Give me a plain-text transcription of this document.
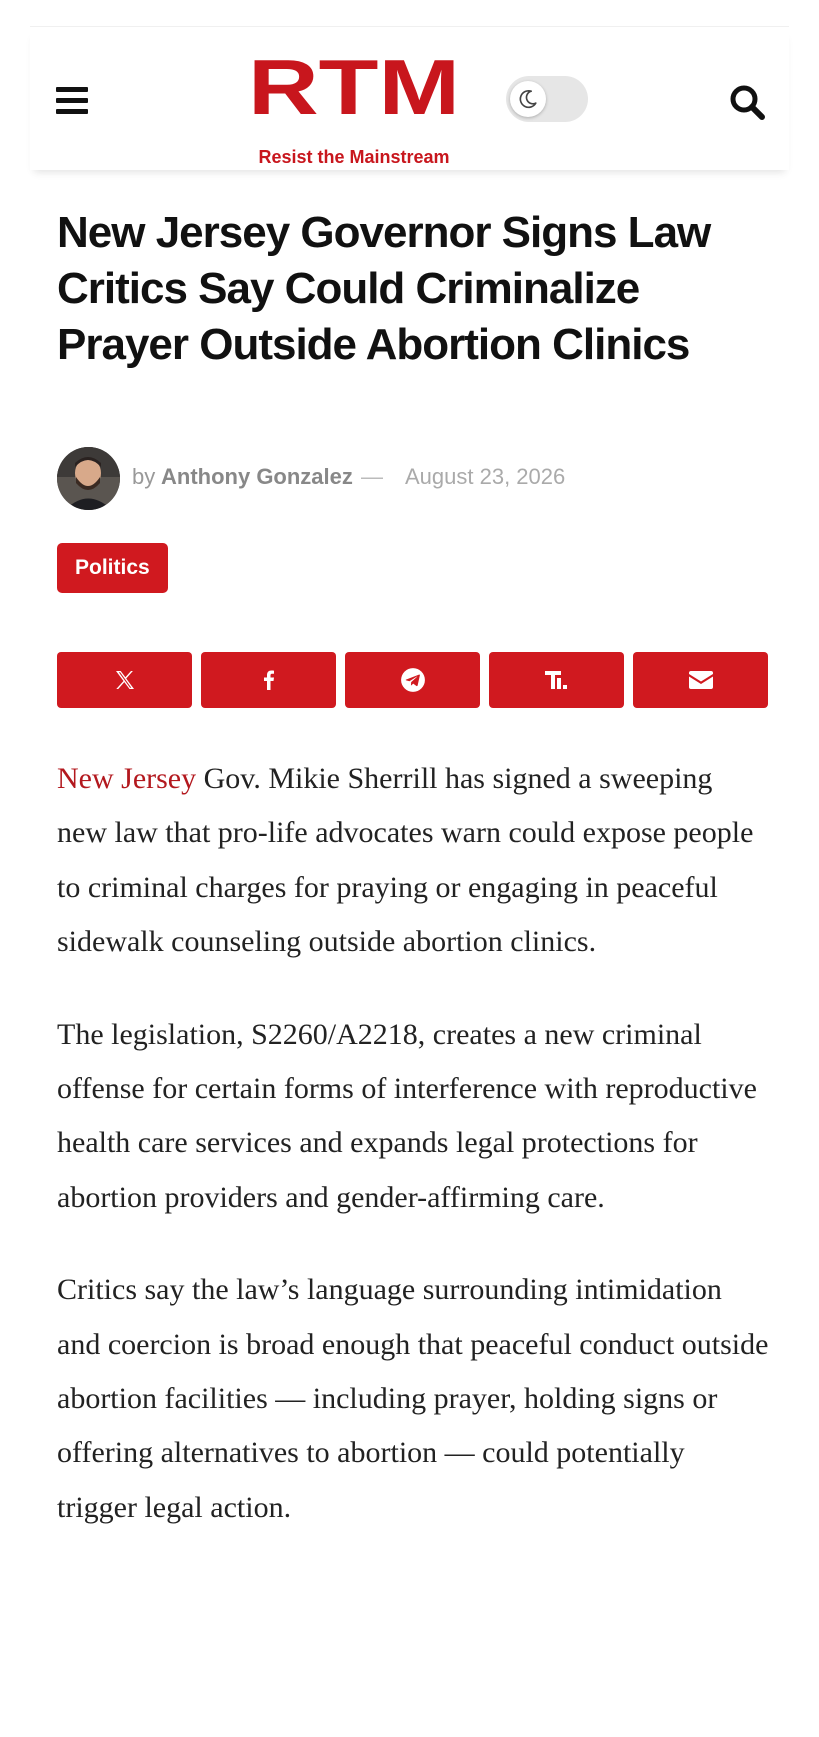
RTM
Resist the Mainstream
New Jersey Governor Signs Law Critics Say Could Criminalize Prayer Outside Abortion Clinics
by Anthony Gonzalez — August 23, 2026
Politics

New Jersey Gov. Mikie Sherrill has signed a sweeping new law that pro-life advocates warn could expose people to criminal charges for praying or engaging in peaceful sidewalk counseling outside abortion clinics.

The legislation, S2260/A2218, creates a new criminal offense for certain forms of interference with reproductive health care services and expands legal protections for abortion providers and gender-affirming care.

Critics say the law’s language surrounding intimidation and coercion is broad enough that peaceful conduct outside abortion facilities — including prayer, holding signs or offering alternatives to abortion — could potentially trigger legal action.
